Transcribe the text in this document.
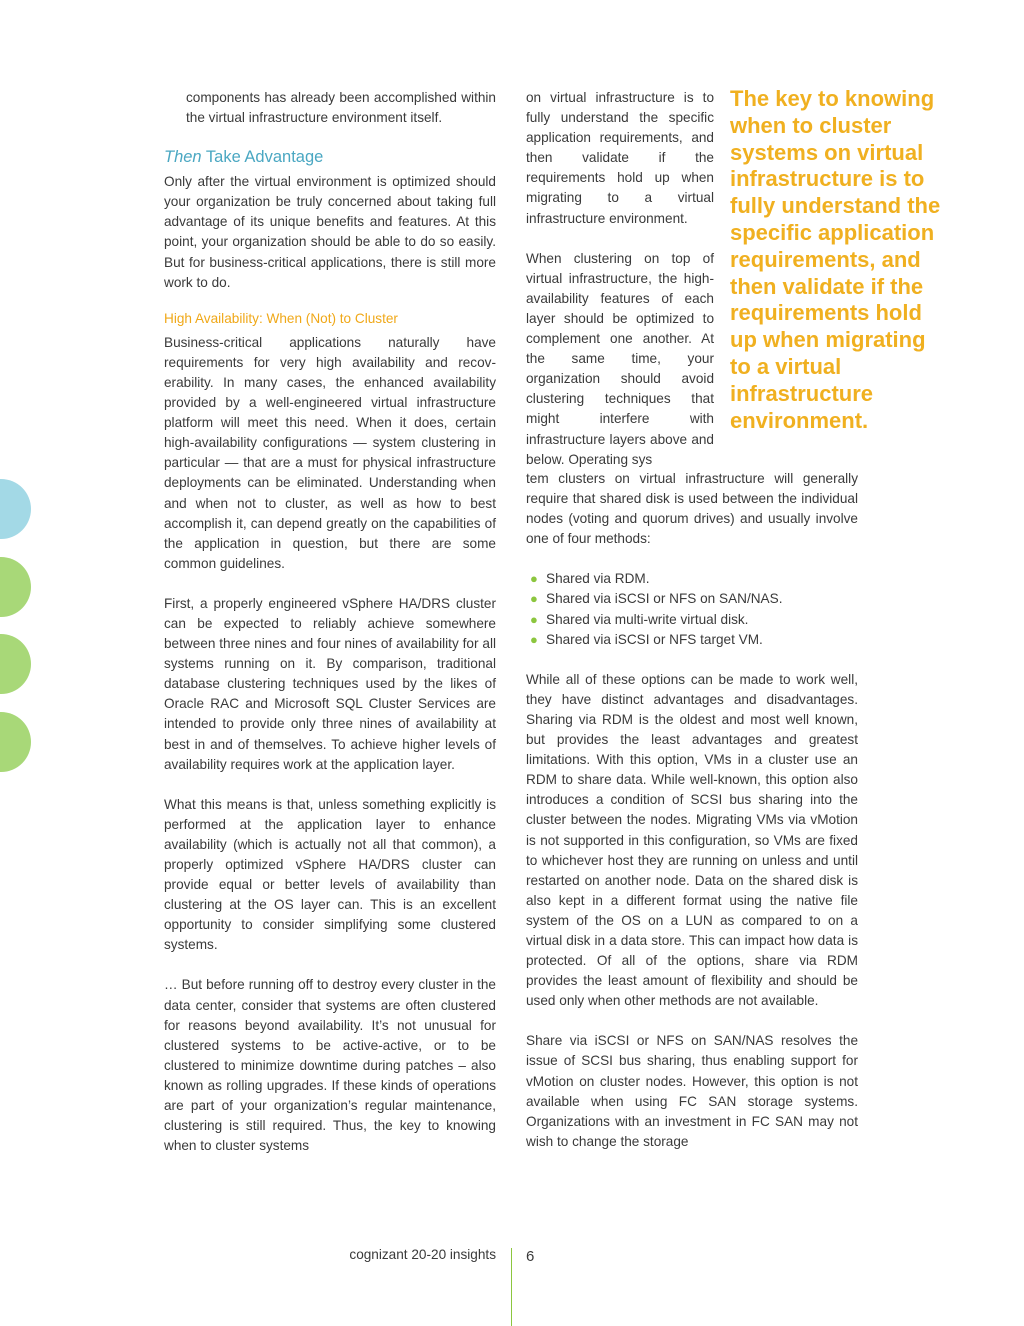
components has already been accomplished within the virtual infrastructure environment itself.

Then Take Advantage

Only after the virtual environment is optimized should your organization be truly concerned about taking full advantage of its unique benefits and features. At this point, your organization should be able to do so easily. But for business-critical applications, there is still more work to do.

High Availability: When (Not) to Cluster

Business-critical applications naturally have requirements for very high availability and recoverability. In many cases, the enhanced availability provided by a well-engineered virtual infrastructure platform will meet this need. When it does, certain high-availability configurations — system clustering in particular — that are a must for physical infrastructure deployments can be eliminated. Understanding when and when not to cluster, as well as how to best accomplish it, can depend greatly on the capabilities of the application in question, but there are some common guidelines.

First, a properly engineered vSphere HA/DRS cluster can be expected to reliably achieve somewhere between three nines and four nines of availability for all systems running on it. By comparison, traditional database clustering techniques used by the likes of Oracle RAC and Microsoft SQL Cluster Services are intended to provide only three nines of availability at best in and of themselves. To achieve higher levels of availability requires work at the application layer.

What this means is that, unless something explicitly is performed at the application layer to enhance availability (which is actually not all that common), a properly optimized vSphere HA/DRS cluster can provide equal or better levels of availability than clustering at the OS layer can. This is an excellent opportunity to consider simplifying some clustered systems.

… But before running off to destroy every cluster in the data center, consider that systems are often clustered for reasons beyond availability. It’s not unusual for clustered systems to be active-active, or to be clustered to minimize downtime during patches – also known as rolling upgrades. If these kinds of operations are part of your organization’s regular maintenance, clustering is still required. Thus, the key to knowing when to cluster systems

on virtual infrastructure is to fully understand the specific application requirements, and then validate if the requirements hold up when migrating to a virtual infrastructure environment.

When clustering on top of virtual infrastructure, the high-availability features of each layer should be optimized to complement one another. At the same time, your organization should avoid clustering techniques that might interfere with infrastructure layers above and below. Operating sys

The key to knowing when to cluster systems on virtual infrastructure is to fully understand the specific application requirements, and then validate if the requirements hold up when migrating to a virtual infrastructure environment.

tem clusters on virtual infrastructure will generally require that shared disk is used between the individual nodes (voting and quorum drives) and usually involve one of four methods:

● Shared via RDM.
● Shared via iSCSI or NFS on SAN/NAS.
● Shared via multi-write virtual disk.
● Shared via iSCSI or NFS target VM.

While all of these options can be made to work well, they have distinct advantages and disadvantages. Sharing via RDM is the oldest and most well known, but provides the least advantages and greatest limitations. With this option, VMs in a cluster use an RDM to share data. While well-known, this option also introduces a condition of SCSI bus sharing into the cluster between the nodes. Migrating VMs via vMotion is not supported in this configuration, so VMs are fixed to whichever host they are running on unless and until restarted on another node. Data on the shared disk is also kept in a different format using the native file system of the OS on a LUN as compared to on a virtual disk in a data store. This can impact how data is protected. Of all of the options, share via RDM provides the least amount of flexibility and should be used only when other methods are not available.

Share via iSCSI or NFS on SAN/NAS resolves the issue of SCSI bus sharing, thus enabling support for vMotion on cluster nodes. However, this option is not available when using FC SAN storage systems. Organizations with an investment in FC SAN may not wish to change the storage

cognizant 20-20 insights 6
